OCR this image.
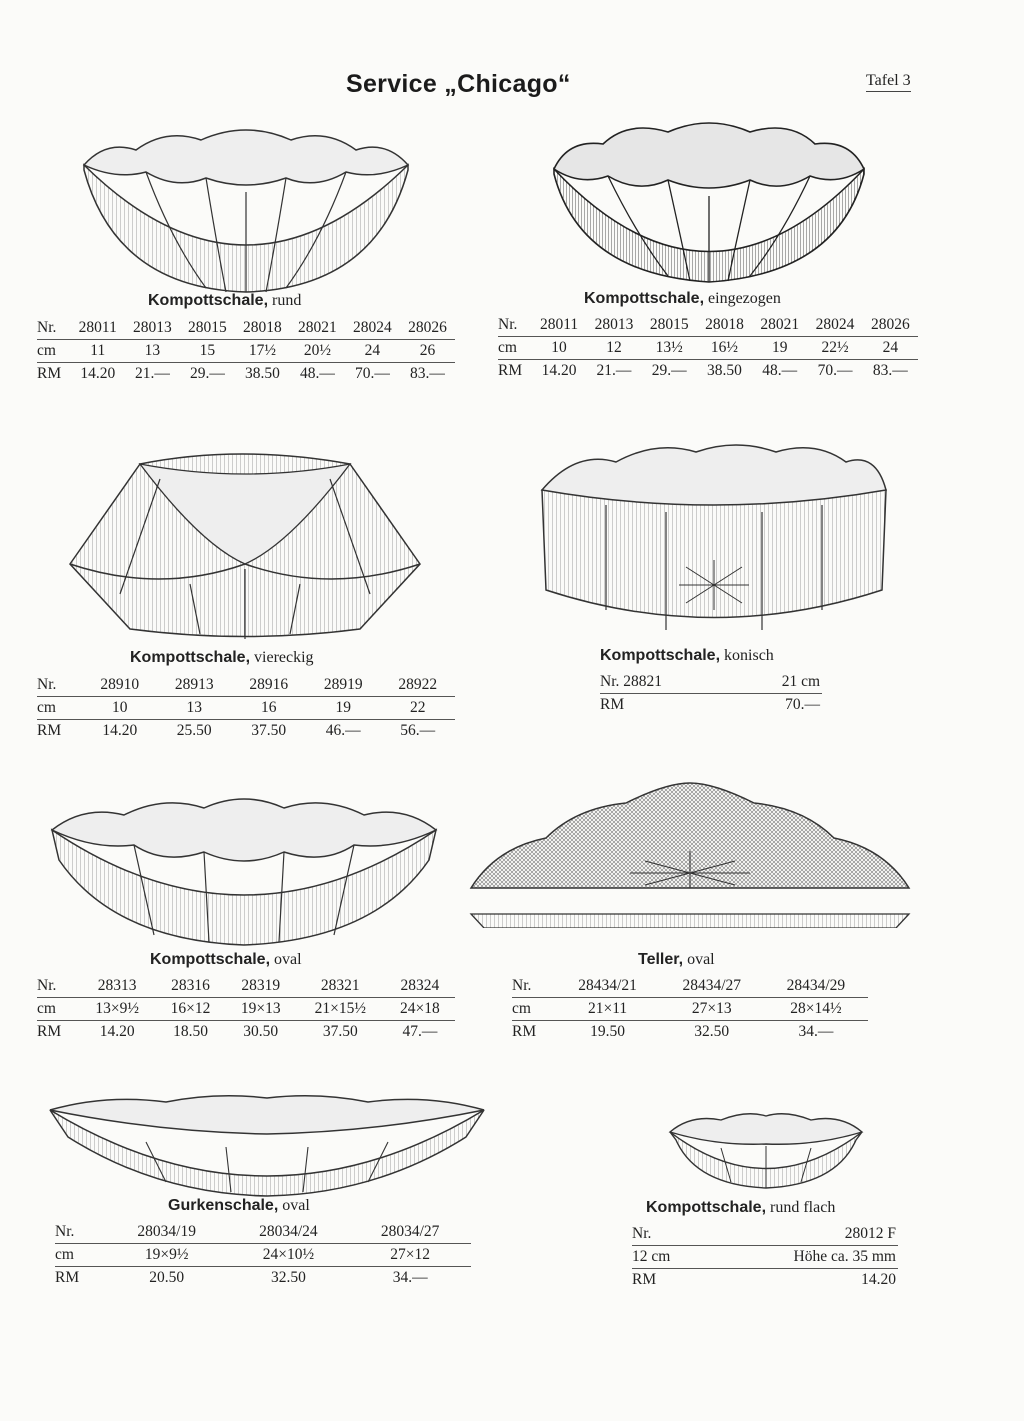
Service „Chicago“	Tafel 3
Kompottschale, rund	Kompottschale, eingezogen
Kompottschale, viereckig	Kompottschale, konisch
Kompottschale, oval	Teller, oval
Gurkenschale, oval	Kompottschale, rund flach
Nr.	28011	28013	28015	28018	28021	28024	28026
cm	11	13	15	17½	20½	24	26
RM	14.20	21.—	29.—	38.50	48.—	70.—	83.—
Nr.	28011	28013	28015	28018	28021	28024	28026
cm	10	12	13½	16½	19	22½	24
RM	14.20	21.—	29.—	38.50	48.—	70.—	83.—
Nr.	28910	28913	28916	28919	28922
cm	10	13	16	19	22
RM	14.20	25.50	37.50	46.—	56.—
Nr. 28821	21 cm
RM	70.—
Nr.	28313	28316	28319	28321	28324
cm	13×9½	16×12	19×13	21×15½	24×18
RM	14.20	18.50	30.50	37.50	47.—
Nr.	28434/21	28434/27	28434/29
cm	21×11	27×13	28×14½
RM	19.50	32.50	34.—
Nr.	28034/19	28034/24	28034/27
cm	19×9½	24×10½	27×12
RM	20.50	32.50	34.—
Nr.	28012 F
12 cm	Höhe ca. 35 mm
RM	14.20
